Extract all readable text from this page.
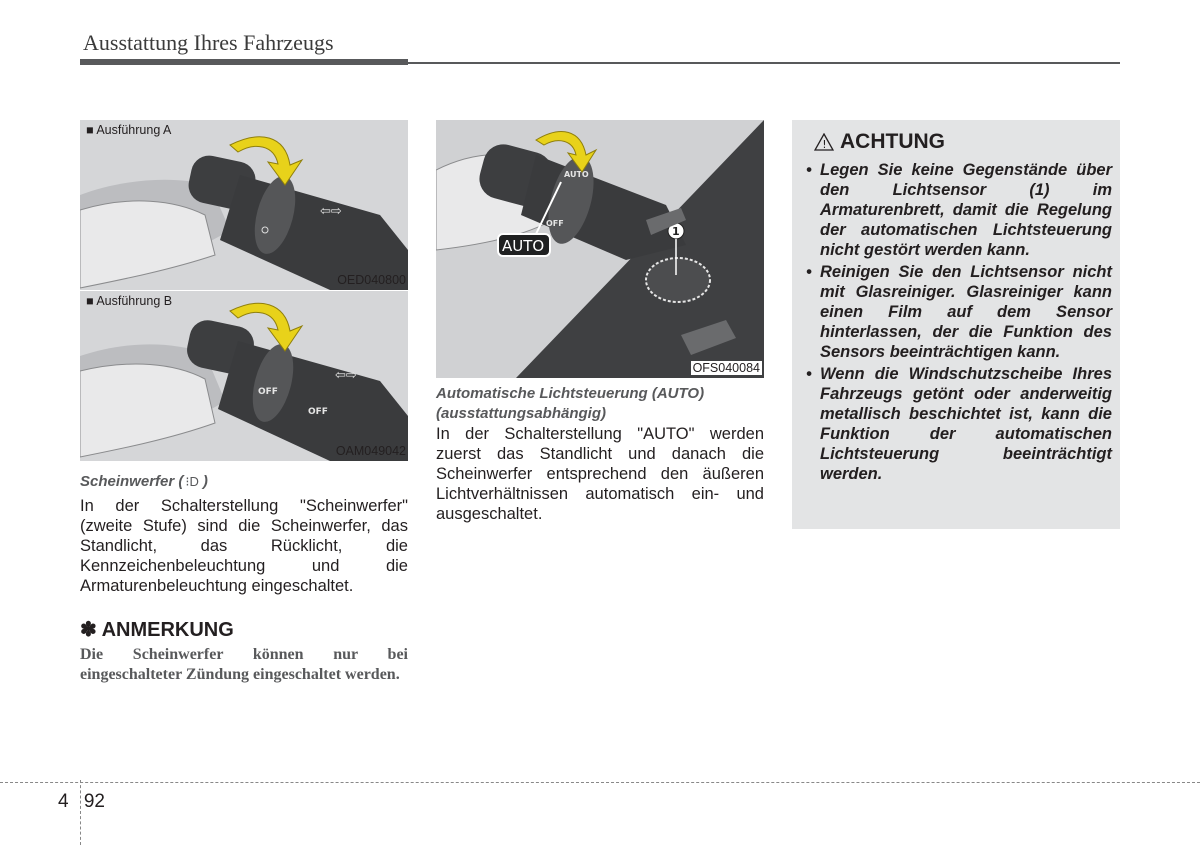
Ausstattung Ihres Fahrzeugs
⇦⇨
■ Ausführung A
OED040800
OFF
OFF
⇦⇨
■ Ausführung B
OAM049042
AUTO
OFF
AUTO
1
OFS040084
Scheinwerfer ( ⁝D )
In der Schalterstellung "Scheinwerfer" (zweite Stufe) sind die Scheinwerfer, das Standlicht, das Rücklicht, die Kennzeichenbeleuchtung und die Armaturenbeleuchtung eingeschaltet.
✽ ANMERKUNG
Die Scheinwerfer können nur bei eingeschalteter Zündung eingeschaltet werden.
Automatische Lichtsteuerung (AUTO) (ausstattungsabhängig)
In der Schalterstellung "AUTO" werden zuerst das Standlicht und danach die Scheinwerfer entsprechend den äußeren Lichtverhältnissen automatisch ein- und ausgeschaltet.
! ACHTUNG
• Legen Sie keine Gegenstände über den Lichtsensor (1) im Armaturenbrett, damit die Regelung der automatischen Lichtsteuerung nicht gestört werden kann.
• Reinigen Sie den Lichtsensor nicht mit Glasreiniger. Glasreiniger kann einen Film auf dem Sensor hinterlassen, der die Funktion des Sensors beeinträchtigen kann.
• Wenn die Windschutzscheibe Ihres Fahrzeugs getönt oder anderweitig metallisch beschichtet ist, kann die Funktion der automatischen Lichtsteuerung beeinträchtigt werden.
4 92
